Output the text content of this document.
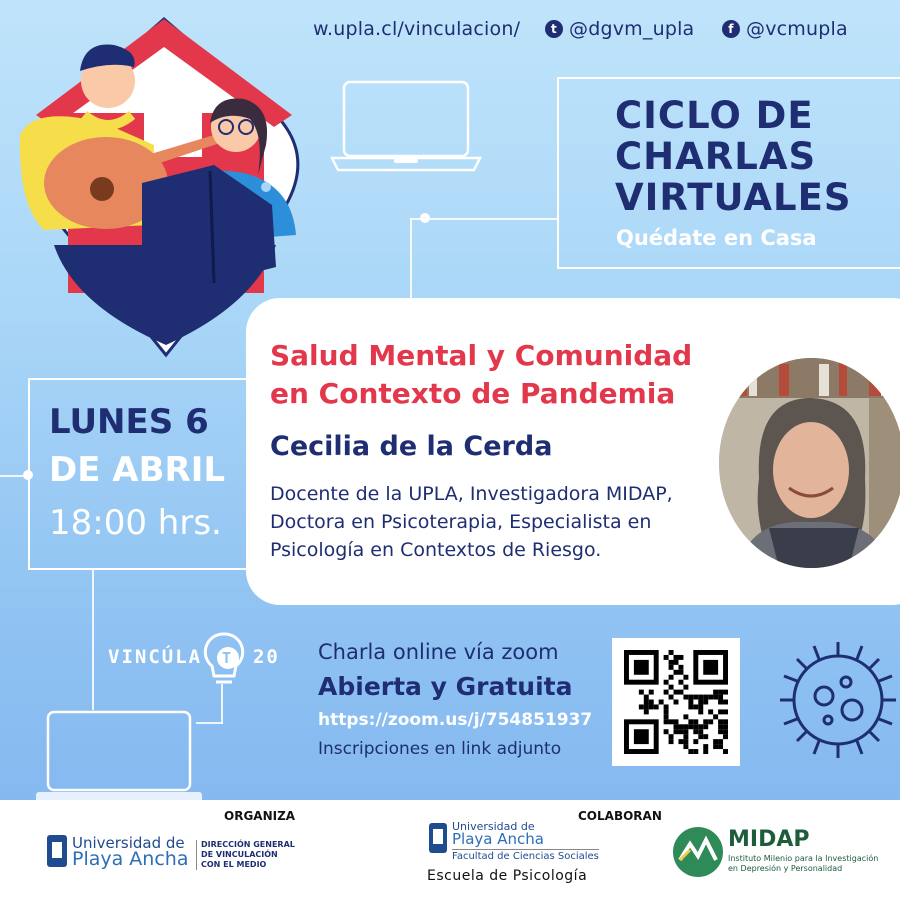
w.upla.cl/vinculacion/	t @dgvm_upla	f @vcmupla
CICLO DE
CHARLAS
VIRTUALES
Quédate en Casa
Salud Mental y Comunidad
en Contexto de Pandemia
Cecilia de la Cerda
Docente de la UPLA, Investigadora MIDAP,
Doctora en Psicoterapia, Especialista en
Psicología en Contextos de Riesgo.
LUNES 6
DE ABRIL
18:00 hrs.
VINCÚLA T 20 Charla online vía zoom
Abierta y Gratuita
https://zoom.us/j/754851937
Inscripciones en link adjunto
ORGANIZA	COLABORAN
Universidad de
Playa Ancha
DIRECCIÓN GENERAL
DE VINCULACIÓN
CON EL MEDIO
Universidad de
Playa Ancha
Facultad de Ciencias Sociales
Escuela de Psicología
MIDAP
Instituto Milenio para la Investigación
en Depresión y Personalidad
